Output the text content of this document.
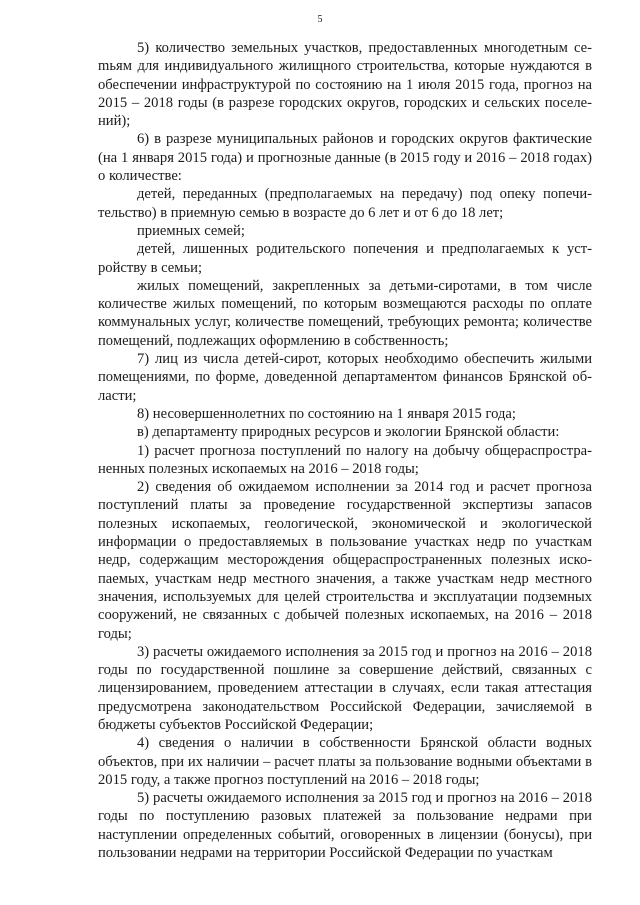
5

5) количество земельных участков, предоставленных многодетным сеmьям для индивидуального жилищного строительства, которые нуждаются в обеспечении инфраструктурой по состоянию на 1 июля 2015 года, прогноз на 2015 – 2018 годы (в разрезе городских округов, городских и сельских поселений);

6) в разрезе муниципальных районов и городских округов фактические (на 1 января 2015 года) и прогнозные данные (в 2015 году и 2016 – 2018 годах) о количестве:

детей, переданных (предполагаемых на передачу) под опеку попечительство) в приемную семью в возрасте до 6 лет и от 6 до 18 лет;

приемных семей;

детей, лишенных родительского попечения и предполагаемых к устройству в семьи;

жилых помещений, закрепленных за детьми-сиротами, в том числе количестве жилых помещений, по которым возмещаются расходы по оплате коммунальных услуг, количестве помещений, требующих ремонта; количестве помещений, подлежащих оформлению в собственность;

7) лиц из числа детей-сирот, которых необходимо обеспечить жилыми помещениями, по форме, доведенной департаментом финансов Брянской области;

8) несовершеннолетних по состоянию на 1 января 2015 года;

в) департаменту природных ресурсов и экологии Брянской области:

1) расчет прогноза поступлений по налогу на добычу общераспространенных полезных ископаемых на 2016 – 2018 годы;

2) сведения об ожидаемом исполнении за 2014 год и расчет прогноза поступлений платы за проведение государственной экспертизы запасов полезных ископаемых, геологической, экономической и экологической информации о предоставляемых в пользование участках недр по участкам недр, содержащим месторождения общераспространенных полезных ископаемых, участкам недр местного значения, а также участкам недр местного значения, используемых для целей строительства и эксплуатации подземных сооружений, не связанных с добычей полезных ископаемых, на 2016 – 2018 годы;

3) расчеты ожидаемого исполнения за 2015 год и прогноз на 2016 – 2018 годы по государственной пошлине за совершение действий, связанных с лицензированием, проведением аттестации в случаях, если такая аттестация предусмотрена законодательством Российской Федерации, зачисляемой в бюджеты субъектов Российской Федерации;

4) сведения о наличии в собственности Брянской области водных объектов, при их наличии – расчет платы за пользование водными объектами в 2015 году, а также прогноз поступлений на 2016 – 2018 годы;

5) расчеты ожидаемого исполнения за 2015 год и прогноз на 2016 – 2018 годы по поступлению разовых платежей за пользование недрами при наступлении определенных событий, оговоренных в лицензии (бонусы), при пользовании недрами на территории Российской Федерации по участкам
